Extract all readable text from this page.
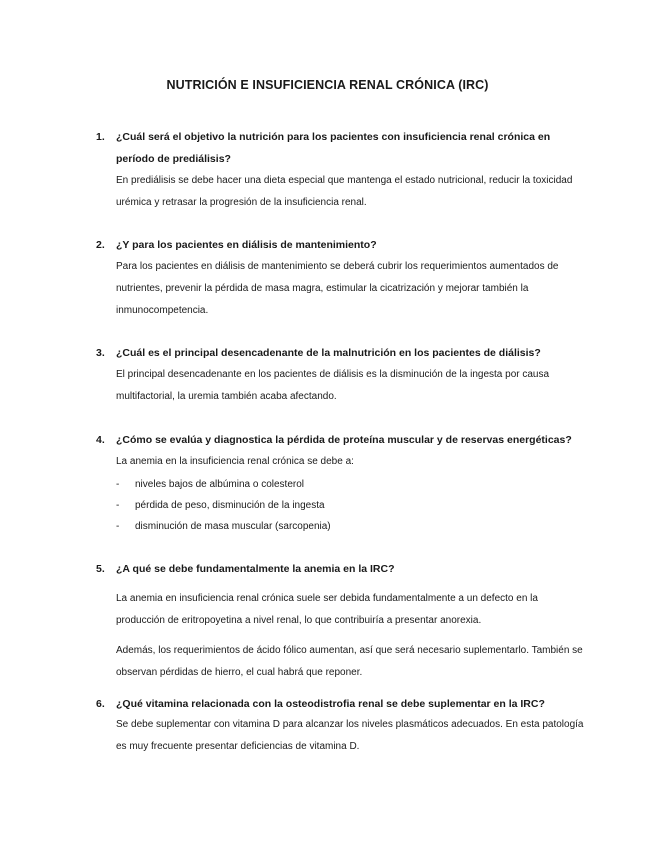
NUTRICIÓN E INSUFICIENCIA RENAL CRÓNICA (IRC)
1. ¿Cuál será el objetivo la nutrición para los pacientes con insuficiencia renal crónica en período de prediálisis?
En prediálisis se debe hacer una dieta especial que mantenga el estado nutricional, reducir la toxicidad urémica y retrasar la progresión de la insuficiencia renal.
2. ¿Y para los pacientes en diálisis de mantenimiento?
Para los pacientes en diálisis de mantenimiento se deberá cubrir los requerimientos aumentados de nutrientes, prevenir la pérdida de masa magra, estimular la cicatrización y mejorar también la inmunocompetencia.
3. ¿Cuál es el principal desencadenante de la malnutrición en los pacientes de diálisis?
El principal desencadenante en los pacientes de diálisis es la disminución de la ingesta por causa multifactorial, la uremia también acaba afectando.
4. ¿Cómo se evalúa y diagnostica la pérdida de proteína muscular y de reservas energéticas?
La anemia en la insuficiencia renal crónica se debe a:
- niveles bajos de albúmina o colesterol
- pérdida de peso, disminución de la ingesta
- disminución de masa muscular (sarcopenia)
5. ¿A qué se debe fundamentalmente la anemia en la IRC?
La anemia en insuficiencia renal crónica suele ser debida fundamentalmente a un defecto en la producción de eritropoyetina a nivel renal, lo que contribuiría a presentar anorexia.
Además, los requerimientos de ácido fólico aumentan, así que será necesario suplementarlo. También se observan pérdidas de hierro, el cual habrá que reponer.
6. ¿Qué vitamina relacionada con la osteodistrofia renal se debe suplementar en la IRC?
Se debe suplementar con vitamina D para alcanzar los niveles plasmáticos adecuados. En esta patología es muy frecuente presentar deficiencias de vitamina D.
